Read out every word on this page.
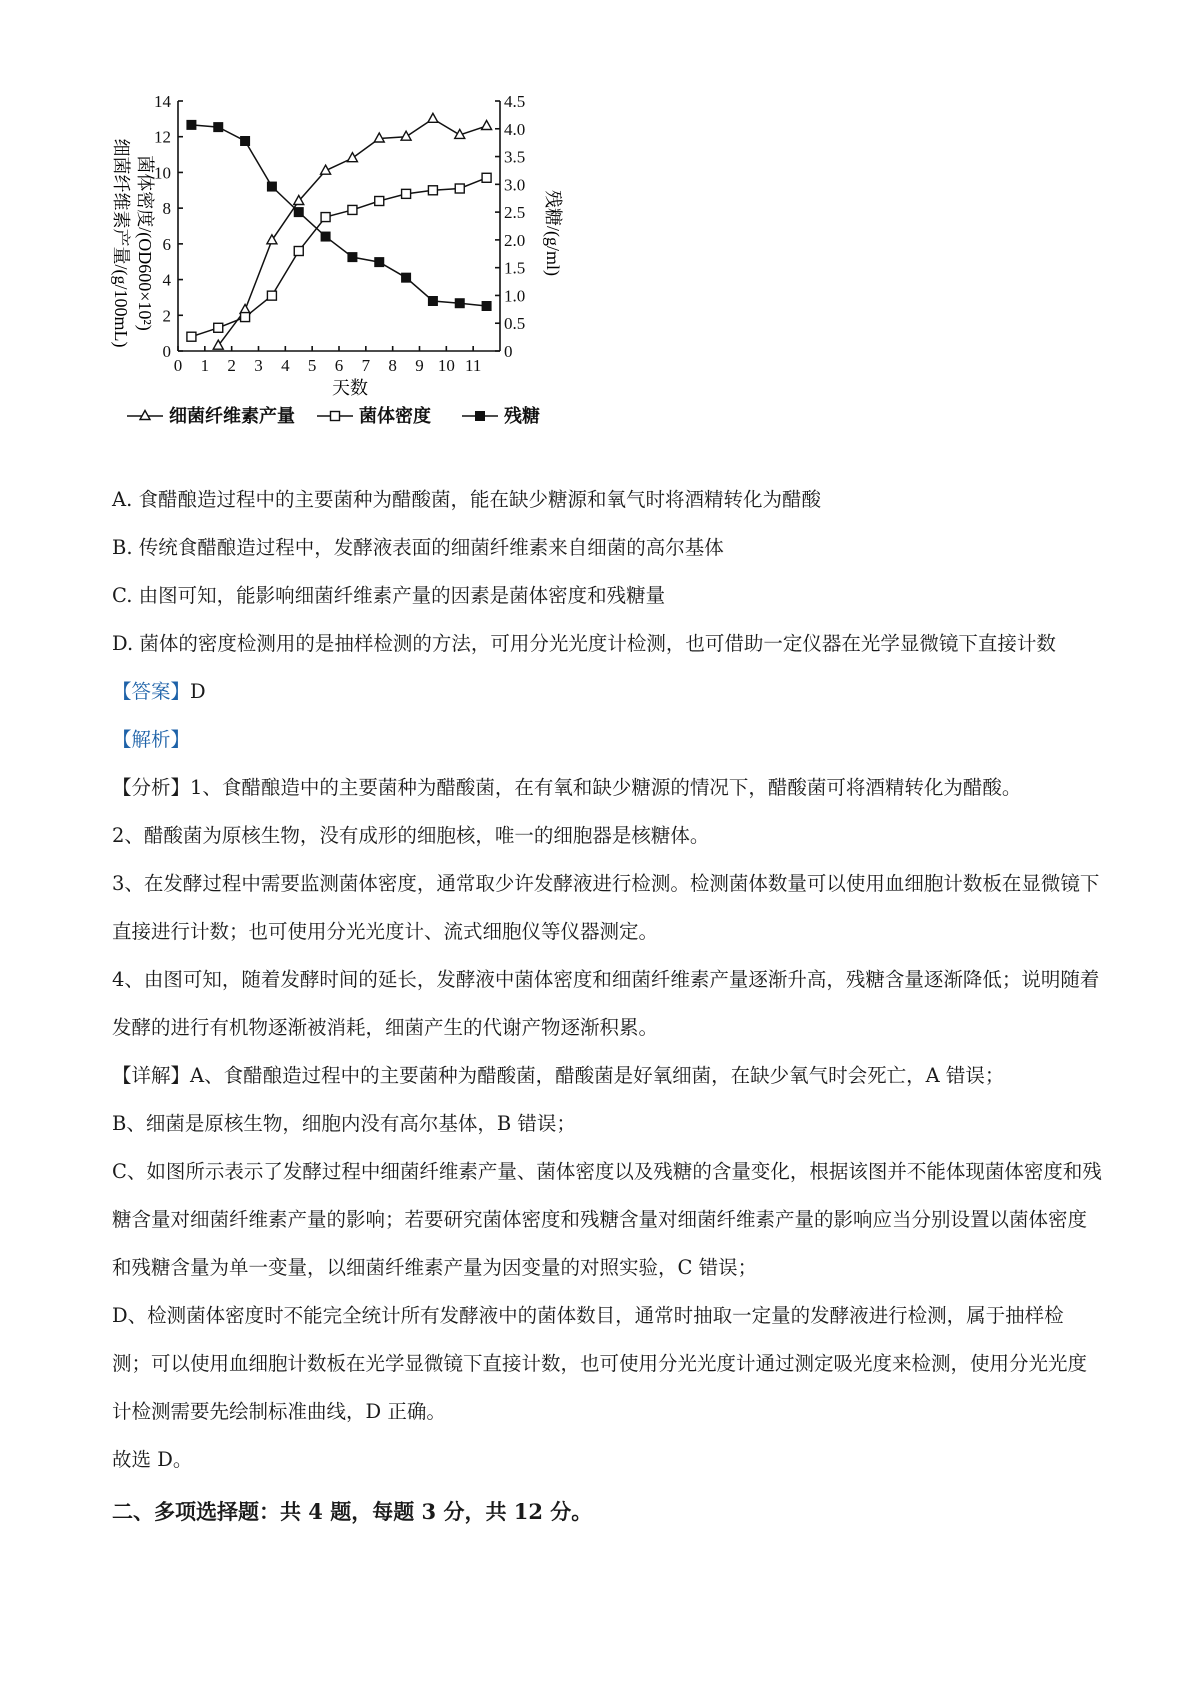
0
2
4
6
8
10
12
14
0
0.5
1.0
1.5
2.0
2.5
3.0
3.5
4.0
4.5
0 1 2 3 4 5 6 7 8 9 10 11
菌体密度/(OD600×10²)
细菌纤维素产量/(g/100mL)	残糖/(g/ml)
天数
细菌纤维素产量	菌体密度	残糖

A. 食醋酿造过程中的主要菌种为醋酸菌，能在缺少糖源和氧气时将酒精转化为醋酸

B. 传统食醋酿造过程中，发酵液表面的细菌纤维素来自细菌的高尔基体

C. 由图可知，能影响细菌纤维素产量的因素是菌体密度和残糖量

D. 菌体的密度检测用的是抽样检测的方法，可用分光光度计检测，也可借助一定仪器在光学显微镜下直接计数

【答案】D

【解析】

【分析】1、食醋酿造中的主要菌种为醋酸菌，在有氧和缺少糖源的情况下，醋酸菌可将酒精转化为醋酸。

2、醋酸菌为原核生物，没有成形的细胞核，唯一的细胞器是核糖体。

3、在发酵过程中需要监测菌体密度，通常取少许发酵液进行检测。检测菌体数量可以使用血细胞计数板在显微镜下直接进行计数；也可使用分光光度计、流式细胞仪等仪器测定。

4、由图可知，随着发酵时间的延长，发酵液中菌体密度和细菌纤维素产量逐渐升高，残糖含量逐渐降低；说明随着发酵的进行有机物逐渐被消耗，细菌产生的代谢产物逐渐积累。

【详解】A、食醋酿造过程中的主要菌种为醋酸菌，醋酸菌是好氧细菌，在缺少氧气时会死亡，A 错误；

B、细菌是原核生物，细胞内没有高尔基体，B 错误；

C、如图所示表示了发酵过程中细菌纤维素产量、菌体密度以及残糖的含量变化，根据该图并不能体现菌体密度和残糖含量对细菌纤维素产量的影响；若要研究菌体密度和残糖含量对细菌纤维素产量的影响应当分别设置以菌体密度和残糖含量为单一变量，以细菌纤维素产量为因变量的对照实验，C 错误；

D、检测菌体密度时不能完全统计所有发酵液中的菌体数目，通常时抽取一定量的发酵液进行检测，属于抽样检测；可以使用血细胞计数板在光学显微镜下直接计数，也可使用分光光度计通过测定吸光度来检测，使用分光光度计检测需要先绘制标准曲线，D 正确。

故选 D。

二、多项选择题：共 4 题，每题 3 分，共 12 分。
